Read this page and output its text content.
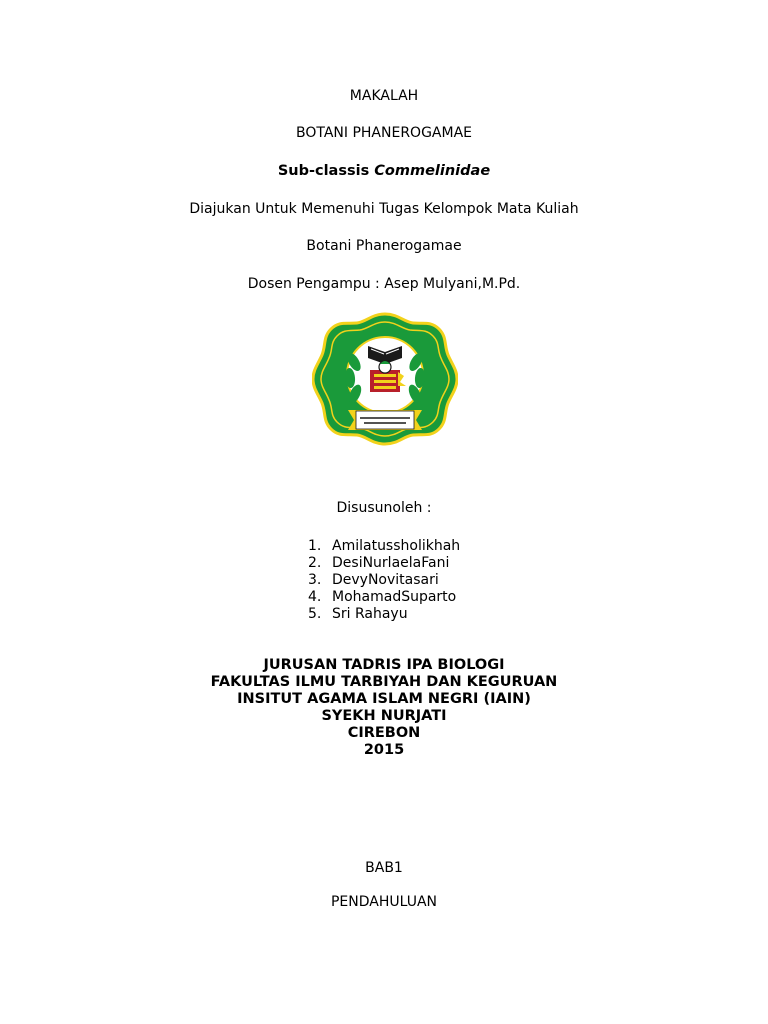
MAKALAH
BOTANI PHANEROGAMAE
Sub-classis Commelinidae
Diajukan Untuk Memenuhi Tugas Kelompok Mata Kuliah
Botani Phanerogamae
Dosen Pengampu : Asep Mulyani,M.Pd.
Disusunoleh :
1. Amilatussholikhah
2. DesiNurlaelaFani
3. DevyNovitasari
4. MohamadSuparto
5. Sri Rahayu
JURUSAN TADRIS IPA BIOLOGI
FAKULTAS ILMU TARBIYAH DAN KEGURUAN
INSITUT AGAMA ISLAM NEGRI (IAIN)
SYEKH NURJATI
CIREBON
2015
BAB1
PENDAHULUAN
